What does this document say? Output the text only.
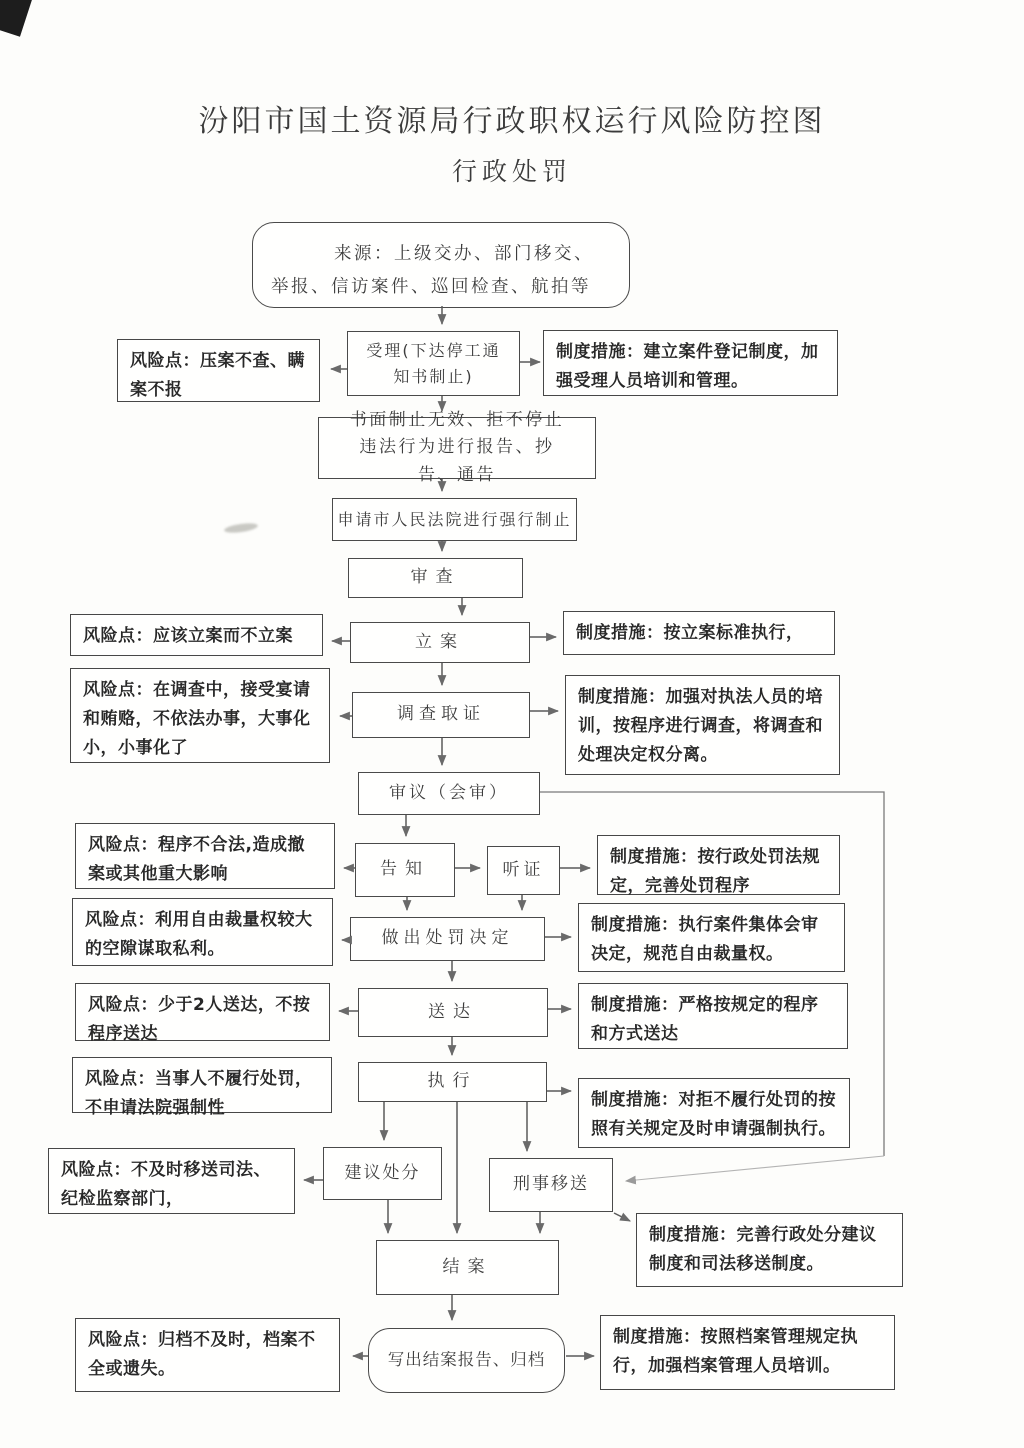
汾阳市国土资源局行政职权运行风险防控图
行政处罚
来源：上级交办、部门移交、举报、信访案件、巡回检查、航拍等
受理(下达停工通知书制止)
书面制止无效、拒不停止违法行为进行报告、抄告、通告
申请市人民法院进行强行制止
审查
立案
调查取证
审议（会审）
告知	听证
做出处罚决定
送达
执行
建议处分
刑事移送
结案
写出结案报告、归档
风险点：压案不查、瞒案不报
风险点：应该立案而不立案
风险点：在调查中，接受宴请和贿赂，不依法办事，大事化小，小事化了
风险点：程序不合法,造成撤案或其他重大影响
风险点：利用自由裁量权较大的空隙谋取私利。
风险点：少于2人送达，不按程序送达
风险点：当事人不履行处罚，不申请法院强制性
风险点：不及时移送司法、纪检监察部门，
风险点：归档不及时，档案不全或遗失。
制度措施：建立案件登记制度，加强受理人员培训和管理。
制度措施：按立案标准执行，
制度措施：加强对执法人员的培训，按程序进行调查，将调查和处理决定权分离。
制度措施：按行政处罚法规定，完善处罚程序
制度措施：执行案件集体会审决定，规范自由裁量权。
制度措施：严格按规定的程序和方式送达
制度措施：对拒不履行处罚的按照有关规定及时申请强制执行。
制度措施：完善行政处分建议制度和司法移送制度。
制度措施：按照档案管理规定执行，加强档案管理人员培训。
